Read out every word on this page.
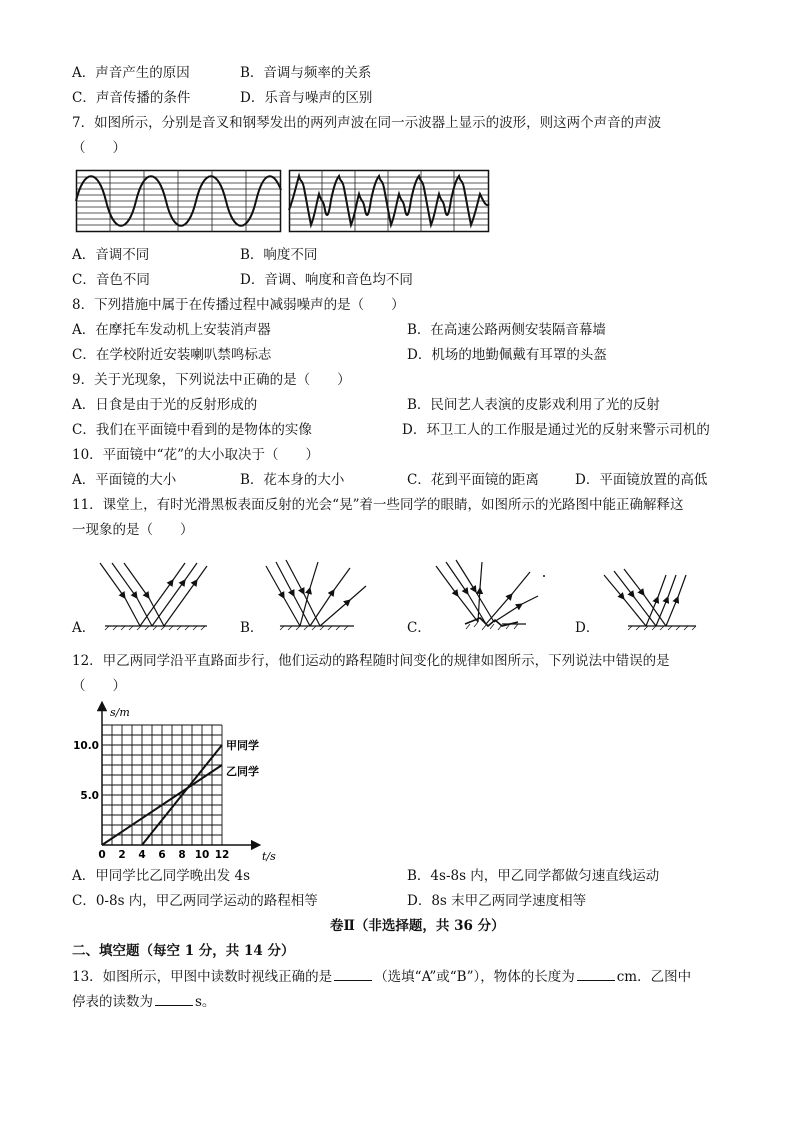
A．声音产生的原因	B．音调与频率的关系
C．声音传播的条件	D．乐音与噪声的区别
7．如图所示，分别是音叉和钢琴发出的两列声波在同一示波器上显示的波形，则这两个声音的声波
（　　）
A．音调不同	B．响度不同
C．音色不同	D．音调、响度和音色均不同
8．下列措施中属于在传播过程中减弱噪声的是（　　）
A．在摩托车发动机上安装消声器	B．在高速公路两侧安装隔音幕墙
C．在学校附近安装喇叭禁鸣标志	D．机场的地勤佩戴有耳罩的头盔
9．关于光现象，下列说法中正确的是（　　）
A．日食是由于光的反射形成的	B．民间艺人表演的皮影戏利用了光的反射
C．我们在平面镜中看到的是物体的实像	D．环卫工人的工作服是通过光的反射来警示司机的
10．平面镜中“花”的大小取决于（　　）
A．平面镜的大小	B．花本身的大小	C．花到平面镜的距离	D．平面镜放置的高低
11．课堂上，有时光滑黑板表面反射的光会“晃”着一些同学的眼睛，如图所示的光路图中能正确解释这
一现象的是（　　）
A．	B．	C．	D．
12．甲乙两同学沿平直路面步行，他们运动的路程随时间变化的规律如图所示，下列说法中错误的是
（　　）
s/m
t/s
0 2 4 6 8 10 12
5.0
10.0	甲同学
乙同学
A．甲同学比乙同学晚出发 4s	B．4s-8s 内，甲乙同学都做匀速直线运动
C．0-8s 内，甲乙两同学运动的路程相等	D．8s 末甲乙两同学速度相等
卷Ⅱ（非选择题，共 36 分）
二、填空题（每空 1 分，共 14 分）
13．如图所示，甲图中读数时视线正确的是	（选填“A”或“B”），物体的长度为	cm．乙图中
停表的读数为	s。
